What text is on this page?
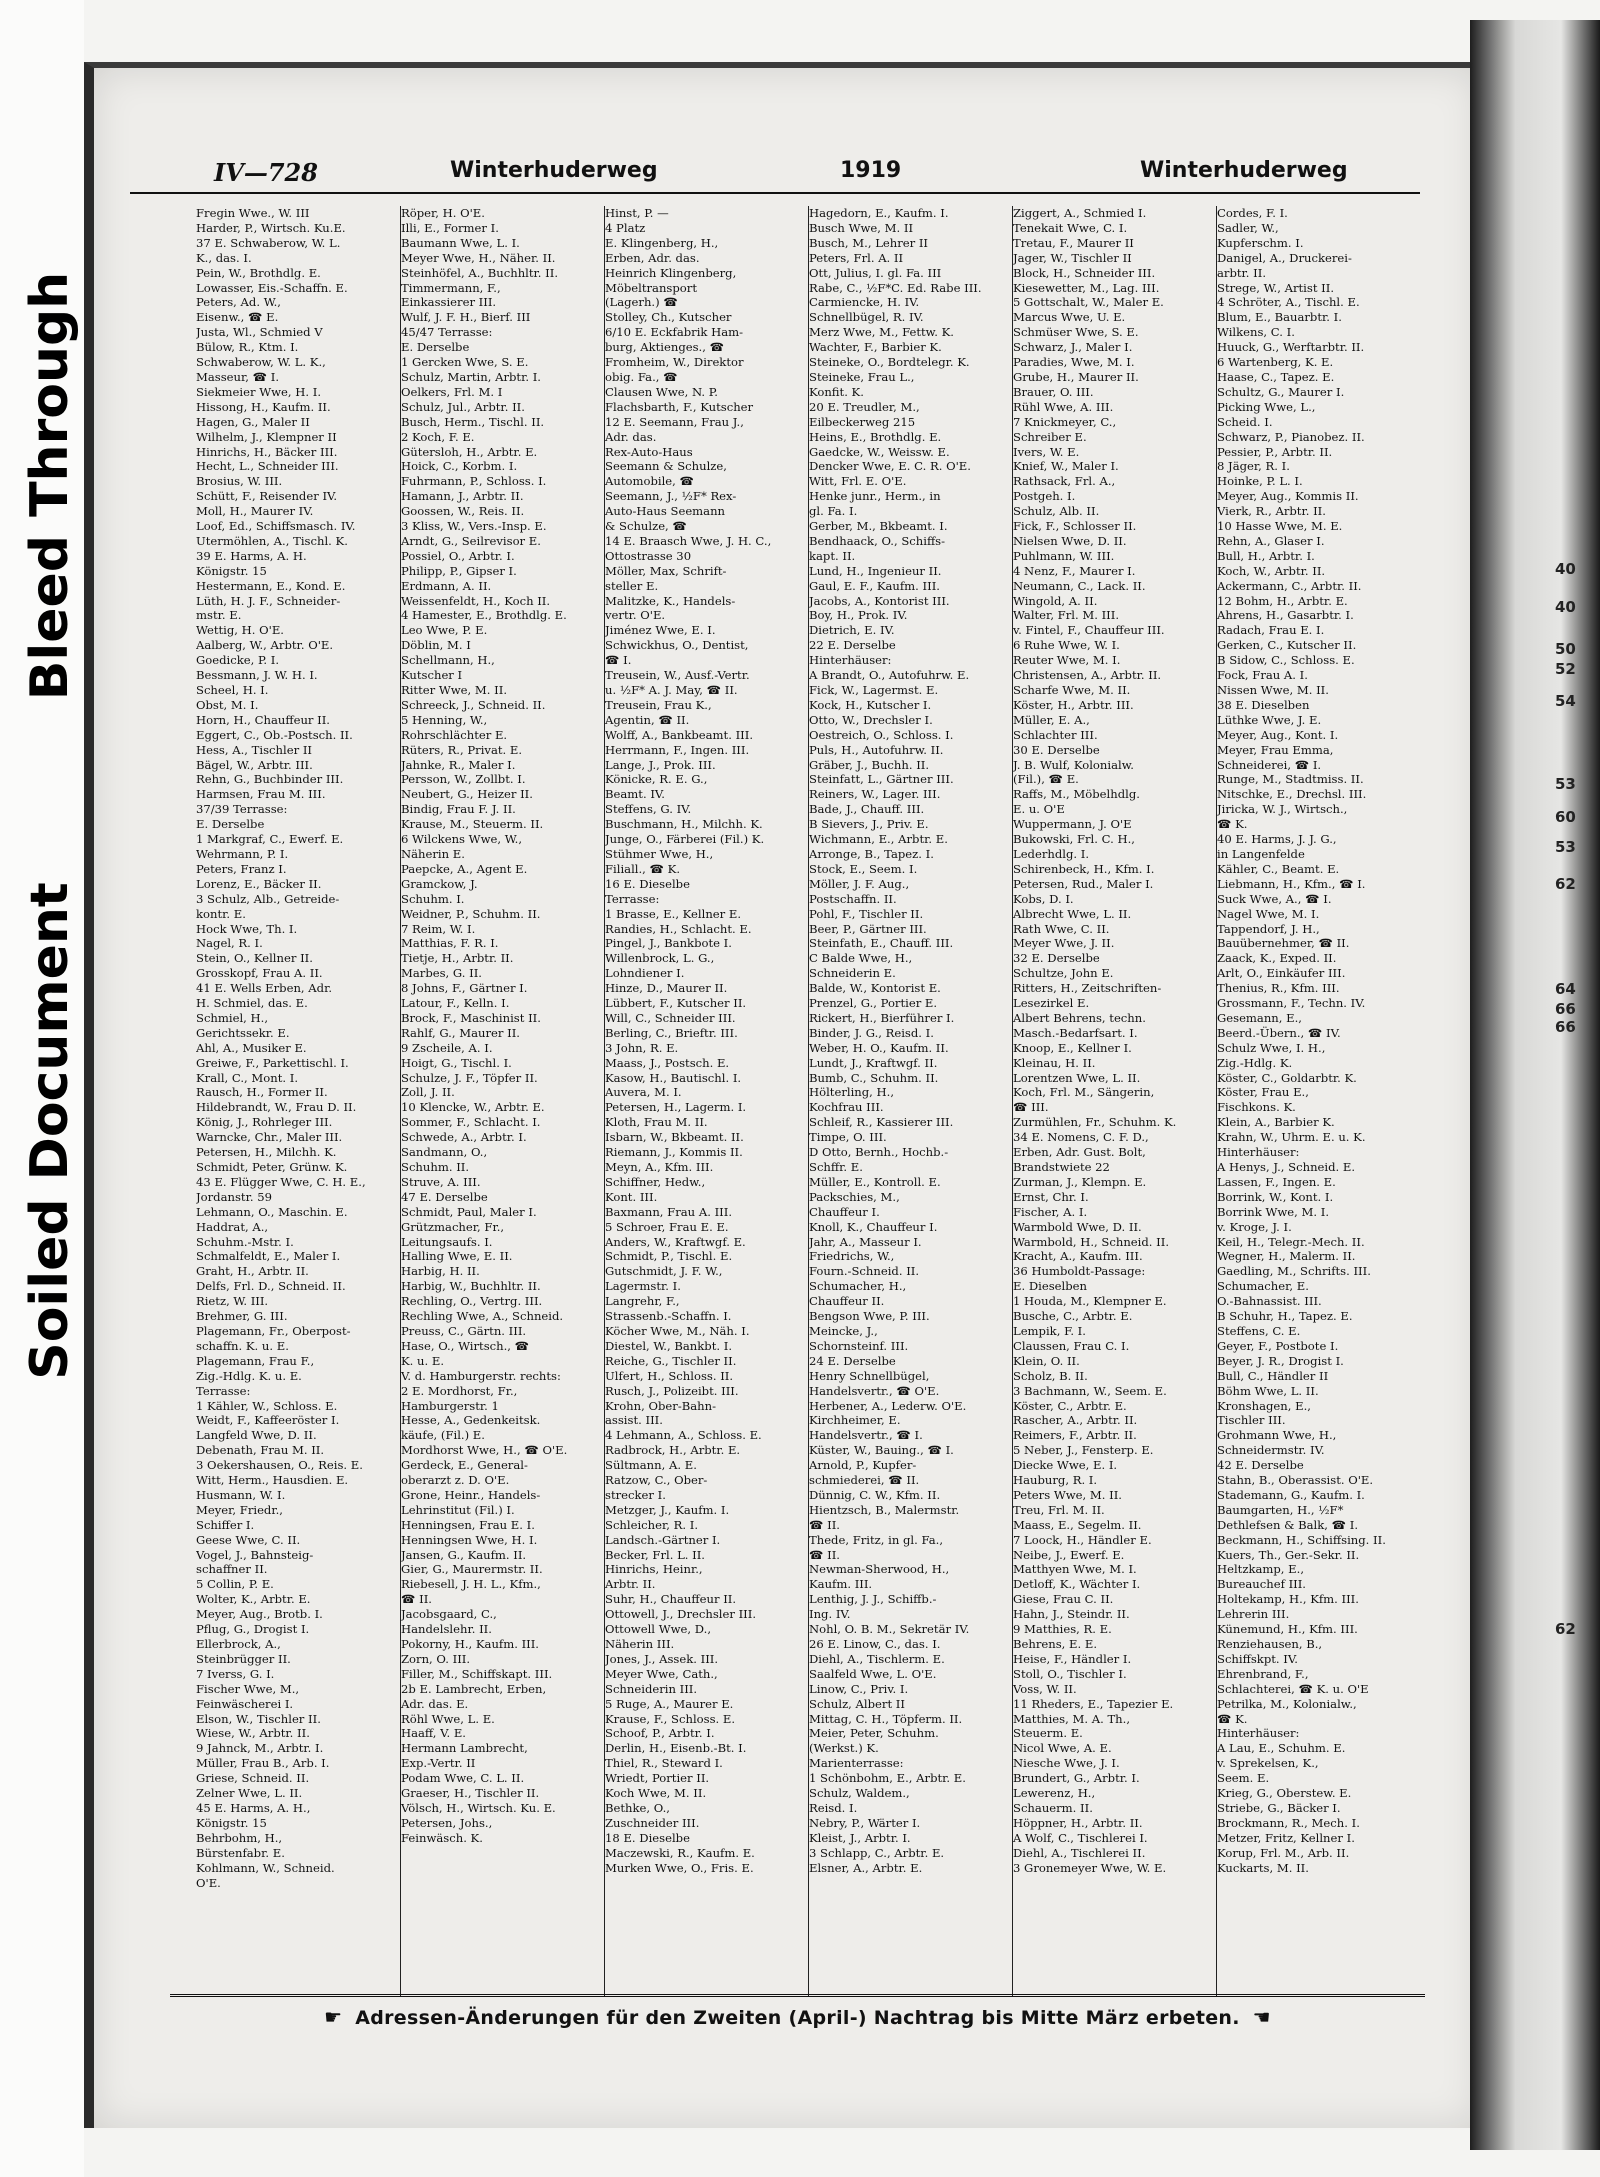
Bleed Through
Soiled Document
40
40
50
52
54
53
60
53
62
64
66
66
62
IV—728	Winterhuderweg	1919	Winterhuderweg
Fregin Wwe., W. III
Harder, P., Wirtsch. Ku.E.
37 E. Schwaberow, W. L.
K., das. I.
Pein, W., Brothdlg. E.
Lowasser, Eis.-Schaffn. E.
Peters, Ad. W.,
Eisenw., ☎ E.
Justa, Wl., Schmied V
Bülow, R., Ktm. I.
Schwaberow, W. L. K.,
Masseur, ☎ I.
Siekmeier Wwe, H. I.
Hissong, H., Kaufm. II.
Hagen, G., Maler II
Wilhelm, J., Klempner II
Hinrichs, H., Bäcker III.
Hecht, L., Schneider III.
Brosius, W. III.
Schütt, F., Reisender IV.
Moll, H., Maurer IV.
Loof, Ed., Schiffsmasch. IV.
Utermöhlen, A., Tischl. K.
39 E. Harms, A. H.
Königstr. 15
Hestermann, E., Kond. E.
Lüth, H. J. F., Schneider-
mstr. E.
Wettig, H. O'E.
Aalberg, W., Arbtr. O'E.
Goedicke, P. I.
Bessmann, J. W. H. I.
Scheel, H. I.
Obst, M. I.
Horn, H., Chauffeur II.
Eggert, C., Ob.-Postsch. II.
Hess, A., Tischler II
Bägel, W., Arbtr. III.
Rehn, G., Buchbinder III.
Harmsen, Frau M. III.
37/39 Terrasse:
E. Derselbe
1 Markgraf, C., Ewerf. E.
Wehrmann, P. I.
Peters, Franz I.
Lorenz, E., Bäcker II.
3 Schulz, Alb., Getreide-
kontr. E.
Hock Wwe, Th. I.
Nagel, R. I.
Stein, O., Kellner II.
Grosskopf, Frau A. II.
41 E. Wells Erben, Adr.
H. Schmiel, das. E.
Schmiel, H.,
Gerichtssekr. E.
Ahl, A., Musiker E.
Greiwe, F., Parkettischl. I.
Krall, C., Mont. I.
Rausch, H., Former II.
Hildebrandt, W., Frau D. II.
König, J., Rohrleger III.
Warncke, Chr., Maler III.
Petersen, H., Milchh. K.
Schmidt, Peter, Grünw. K.
43 E. Flügger Wwe, C. H. E.,
Jordanstr. 59
Lehmann, O., Maschin. E.
Haddrat, A.,
Schuhm.-Mstr. I.
Schmalfeldt, E., Maler I.
Graht, H., Arbtr. II.
Delfs, Frl. D., Schneid. II.
Rietz, W. III.
Brehmer, G. III.
Plagemann, Fr., Oberpost-
schaffn. K. u. E.
Plagemann, Frau F.,
Zig.-Hdlg. K. u. E.
Terrasse:
1 Kähler, W., Schloss. E.
Weidt, F., Kaffeeröster I.
Langfeld Wwe, D. II.
Debenath, Frau M. II.
3 Oekershausen, O., Reis. E.
Witt, Herm., Hausdien. E.
Husmann, W. I.
Meyer, Friedr.,
Schiffer I.
Geese Wwe, C. II.
Vogel, J., Bahnsteig-
schaffner II.
5 Collin, P. E.
Wolter, K., Arbtr. E.
Meyer, Aug., Brotb. I.
Pflug, G., Drogist I.
Ellerbrock, A.,
Steinbrügger II.
7 Iverss, G. I.
Fischer Wwe, M.,
Feinwäscherei I.
Elson, W., Tischler II.
Wiese, W., Arbtr. II.
9 Jahnck, M., Arbtr. I.
Müller, Frau B., Arb. I.
Griese, Schneid. II.
Zelner Wwe, L. II.
45 E. Harms, A. H.,
Königstr. 15
Behrbohm, H.,
Bürstenfabr. E.
Kohlmann, W., Schneid.
O'E.
Röper, H. O'E.
Illi, E., Former I.
Baumann Wwe, L. I.
Meyer Wwe, H., Näher. II.
Steinhöfel, A., Buchhltr. II.
Timmermann, F.,
Einkassierer III.
Wulf, J. F. H., Bierf. III
45/47 Terrasse:
E. Derselbe
1 Gercken Wwe, S. E.
Schulz, Martin, Arbtr. I.
Oelkers, Frl. M. I
Schulz, Jul., Arbtr. II.
Busch, Herm., Tischl. II.
2 Koch, F. E.
Gütersloh, H., Arbtr. E.
Hoick, C., Korbm. I.
Fuhrmann, P., Schloss. I.
Hamann, J., Arbtr. II.
Goossen, W., Reis. II.
3 Kliss, W., Vers.-Insp. E.
Arndt, G., Seilrevisor E.
Possiel, O., Arbtr. I.
Philipp, P., Gipser I.
Erdmann, A. II.
Weissenfeldt, H., Koch II.
4 Hamester, E., Brothdlg. E.
Leo Wwe, P. E.
Döblin, M. I
Schellmann, H.,
Kutscher I
Ritter Wwe, M. II.
Schreeck, J., Schneid. II.
5 Henning, W.,
Rohrschlächter E.
Rüters, R., Privat. E.
Jahnke, R., Maler I.
Persson, W., Zollbt. I.
Neubert, G., Heizer II.
Bindig, Frau F. J. II.
Krause, M., Steuerm. II.
6 Wilckens Wwe, W.,
Näherin E.
Paepcke, A., Agent E.
Gramckow, J.
Schuhm. I.
Weidner, P., Schuhm. II.
7 Reim, W. I.
Matthias, F. R. I.
Tietje, H., Arbtr. II.
Marbes, G. II.
8 Johns, F., Gärtner I.
Latour, F., Kelln. I.
Brock, F., Maschinist II.
Rahlf, G., Maurer II.
9 Zscheile, A. I.
Hoigt, G., Tischl. I.
Schulze, J. F., Töpfer II.
Zoll, J. II.
10 Klencke, W., Arbtr. E.
Sommer, F., Schlacht. I.
Schwede, A., Arbtr. I.
Sandmann, O.,
Schuhm. II.
Struve, A. III.
47 E. Derselbe
Schmidt, Paul, Maler I.
Grützmacher, Fr.,
Leitungsaufs. I.
Halling Wwe, E. II.
Harbig, H. II.
Harbig, W., Buchhltr. II.
Rechling, O., Vertrg. III.
Rechling Wwe, A., Schneid.
Preuss, C., Gärtn. III.
Hase, O., Wirtsch., ☎
K. u. E.
V. d. Hamburgerstr. rechts:
2 E. Mordhorst, Fr.,
Hamburgerstr. 1
Hesse, A., Gedenkeitsk.
käufe, (Fil.) E.
Mordhorst Wwe, H., ☎ O'E.
Gerdeck, E., General-
oberarzt z. D. O'E.
Grone, Heinr., Handels-
Lehrinstitut (Fil.) I.
Henningsen, Frau E. I.
Henningsen Wwe, H. I.
Jansen, G., Kaufm. II.
Gier, G., Maurermstr. II.
Riebesell, J. H. L., Kfm.,
☎ II.
Jacobsgaard, C.,
Handelslehr. II.
Pokorny, H., Kaufm. III.
Zorn, O. III.
Filler, M., Schiffskapt. III.
2b E. Lambrecht, Erben,
Adr. das. E.
Röhl Wwe, L. E.
Haaff, V. E.
Hermann Lambrecht,
Exp.-Vertr. II
Podam Wwe, C. L. II.
Graeser, H., Tischler II.
Völsch, H., Wirtsch. Ku. E.
Petersen, Johs.,
Feinwäsch. K.
Hinst, P. —
4 Platz
E. Klingenberg, H.,
Erben, Adr. das.
Heinrich Klingenberg,
Möbeltransport
(Lagerh.) ☎
Stolley, Ch., Kutscher
6/10 E. Eckfabrik Ham-
burg, Aktienges., ☎
Fromheim, W., Direktor
obig. Fa., ☎
Clausen Wwe, N. P.
Flachsbarth, F., Kutscher
12 E. Seemann, Frau J.,
Adr. das.
Rex-Auto-Haus
Seemann & Schulze,
Automobile, ☎
Seemann, J., ½F* Rex-
Auto-Haus Seemann
& Schulze, ☎
14 E. Braasch Wwe, J. H. C.,
Ottostrasse 30
Möller, Max, Schrift-
steller E.
Malitzke, K., Handels-
vertr. O'E.
Jiménez Wwe, E. I.
Schwickhus, O., Dentist,
☎ I.
Treusein, W., Ausf.-Vertr.
u. ½F* A. J. May, ☎ II.
Treusein, Frau K.,
Agentin, ☎ II.
Wolff, A., Bankbeamt. III.
Herrmann, F., Ingen. III.
Lange, J., Prok. III.
Könicke, R. E. G.,
Beamt. IV.
Steffens, G. IV.
Buschmann, H., Milchh. K.
Junge, O., Färberei (Fil.) K.
Stühmer Wwe, H.,
Filiall., ☎ K.
16 E. Dieselbe
Terrasse:
1 Brasse, E., Kellner E.
Randies, H., Schlacht. E.
Pingel, J., Bankbote I.
Willenbrock, L. G.,
Lohndiener I.
Hinze, D., Maurer II.
Lübbert, F., Kutscher II.
Will, C., Schneider III.
Berling, C., Brieftr. III.
3 John, R. E.
Maass, J., Postsch. E.
Kasow, H., Bautischl. I.
Auvera, M. I.
Petersen, H., Lagerm. I.
Kloth, Frau M. II.
Isbarn, W., Bkbeamt. II.
Riemann, J., Kommis II.
Meyn, A., Kfm. III.
Schiffner, Hedw.,
Kont. III.
Baxmann, Frau A. III.
5 Schroer, Frau E. E.
Anders, W., Kraftwgf. E.
Schmidt, P., Tischl. E.
Gutschmidt, J. F. W.,
Lagermstr. I.
Langrehr, F.,
Strassenb.-Schaffn. I.
Köcher Wwe, M., Näh. I.
Diestel, W., Bankbt. I.
Reiche, G., Tischler II.
Ulfert, H., Schloss. II.
Rusch, J., Polizeibt. III.
Krohn, Ober-Bahn-
assist. III.
4 Lehmann, A., Schloss. E.
Radbrock, H., Arbtr. E.
Sültmann, A. E.
Ratzow, C., Ober-
strecker I.
Metzger, J., Kaufm. I.
Schleicher, R. I.
Landsch.-Gärtner I.
Becker, Frl. L. II.
Hinrichs, Heinr.,
Arbtr. II.
Suhr, H., Chauffeur II.
Ottowell, J., Drechsler III.
Ottowell Wwe, D.,
Näherin III.
Jones, J., Assek. III.
Meyer Wwe, Cath.,
Schneiderin III.
5 Ruge, A., Maurer E.
Krause, F., Schloss. E.
Schoof, P., Arbtr. I.
Derlin, H., Eisenb.-Bt. I.
Thiel, R., Steward I.
Wriedt, Portier II.
Koch Wwe, M. II.
Bethke, O.,
Zuschneider III.
18 E. Dieselbe
Maczewski, R., Kaufm. E.
Murken Wwe, O., Fris. E.
Hagedorn, E., Kaufm. I.
Busch Wwe, M. II
Busch, M., Lehrer II
Peters, Frl. A. II
Ott, Julius, I. gl. Fa. III
Rabe, C., ½F*C. Ed. Rabe III.
Carmiencke, H. IV.
Schnellbügel, R. IV.
Merz Wwe, M., Fettw. K.
Wachter, F., Barbier K.
Steineke, O., Bordtelegr. K.
Steineke, Frau L.,
Konfit. K.
20 E. Treudler, M.,
Eilbeckerweg 215
Heins, E., Brothdlg. E.
Gaedcke, W., Weissw. E.
Dencker Wwe, E. C. R. O'E.
Witt, Frl. E. O'E.
Henke junr., Herm., in
gl. Fa. I.
Gerber, M., Bkbeamt. I.
Bendhaack, O., Schiffs-
kapt. II.
Lund, H., Ingenieur II.
Gaul, E. F., Kaufm. III.
Jacobs, A., Kontorist III.
Boy, H., Prok. IV.
Dietrich, E. IV.
22 E. Derselbe
Hinterhäuser:
A Brandt, O., Autofuhrw. E.
Fick, W., Lagermst. E.
Kock, H., Kutscher I.
Otto, W., Drechsler I.
Oestreich, O., Schloss. I.
Puls, H., Autofuhrw. II.
Gräber, J., Buchh. II.
Steinfatt, L., Gärtner III.
Reiners, W., Lager. III.
Bade, J., Chauff. III.
B Sievers, J., Priv. E.
Wichmann, E., Arbtr. E.
Arronge, B., Tapez. I.
Stock, E., Seem. I.
Möller, J. F. Aug.,
Postschaffn. II.
Pohl, F., Tischler II.
Beer, P., Gärtner III.
Steinfath, E., Chauff. III.
C Balde Wwe, H.,
Schneiderin E.
Balde, W., Kontorist E.
Prenzel, G., Portier E.
Rickert, H., Bierführer I.
Binder, J. G., Reisd. I.
Weber, H. O., Kaufm. II.
Lundt, J., Kraftwgf. II.
Bumb, C., Schuhm. II.
Hölterling, H.,
Kochfrau III.
Schleif, R., Kassierer III.
Timpe, O. III.
D Otto, Bernh., Hochb.-
Schffr. E.
Müller, E., Kontroll. E.
Packschies, M.,
Chauffeur I.
Knoll, K., Chauffeur I.
Jahr, A., Masseur I.
Friedrichs, W.,
Fourn.-Schneid. II.
Schumacher, H.,
Chauffeur II.
Bengson Wwe, P. III.
Meincke, J.,
Schornsteinf. III.
24 E. Derselbe
Henry Schnellbügel,
Handelsvertr., ☎ O'E.
Herbener, A., Lederw. O'E.
Kirchheimer, E.
Handelsvertr., ☎ I.
Küster, W., Bauing., ☎ I.
Arnold, P., Kupfer-
schmiederei, ☎ II.
Dünnig, C. W., Kfm. II.
Hientzsch, B., Malermstr.
☎ II.
Thede, Fritz, in gl. Fa.,
☎ II.
Newman-Sherwood, H.,
Kaufm. III.
Lenthig, J. J., Schiffb.-
Ing. IV.
Nohl, O. B. M., Sekretär IV.
26 E. Linow, C., das. I.
Diehl, A., Tischlerm. E.
Saalfeld Wwe, L. O'E.
Linow, C., Priv. I.
Schulz, Albert II
Mittag, C. H., Töpferm. II.
Meier, Peter, Schuhm.
(Werkst.) K.
Marienterrasse:
1 Schönbohm, E., Arbtr. E.
Schulz, Waldem.,
Reisd. I.
Nebry, P., Wärter I.
Kleist, J., Arbtr. I.
3 Schlapp, C., Arbtr. E.
Elsner, A., Arbtr. E.
Ziggert, A., Schmied I.
Tenekait Wwe, C. I.
Tretau, F., Maurer II
Jager, W., Tischler II
Block, H., Schneider III.
Kiesewetter, M., Lag. III.
5 Gottschalt, W., Maler E.
Marcus Wwe, U. E.
Schmüser Wwe, S. E.
Schwarz, J., Maler I.
Paradies, Wwe, M. I.
Grube, H., Maurer II.
Brauer, O. III.
Rühl Wwe, A. III.
7 Knickmeyer, C.,
Schreiber E.
Ivers, W. E.
Knief, W., Maler I.
Rathsack, Frl. A.,
Postgeh. I.
Schulz, Alb. II.
Fick, F., Schlosser II.
Nielsen Wwe, D. II.
Puhlmann, W. III.
4 Nenz, F., Maurer I.
Neumann, C., Lack. II.
Wingold, A. II.
Walter, Frl. M. III.
v. Fintel, F., Chauffeur III.
6 Ruhe Wwe, W. I.
Reuter Wwe, M. I.
Christensen, A., Arbtr. II.
Scharfe Wwe, M. II.
Köster, H., Arbtr. III.
Müller, E. A.,
Schlachter III.
30 E. Derselbe
J. B. Wulf, Kolonialw.
(Fil.), ☎ E.
Raffs, M., Möbelhdlg.
E. u. O'E
Wuppermann, J. O'E
Bukowski, Frl. C. H.,
Lederhdlg. I.
Schirenbeck, H., Kfm. I.
Petersen, Rud., Maler I.
Kobs, D. I.
Albrecht Wwe, L. II.
Rath Wwe, C. II.
Meyer Wwe, J. II.
32 E. Derselbe
Schultze, John E.
Ritters, H., Zeitschriften-
Lesezirkel E.
Albert Behrens, techn.
Masch.-Bedarfsart. I.
Knoop, E., Kellner I.
Kleinau, H. II.
Lorentzen Wwe, L. II.
Koch, Frl. M., Sängerin,
☎ III.
Zurmühlen, Fr., Schuhm. K.
34 E. Nomens, C. F. D.,
Erben, Adr. Gust. Bolt,
Brandstwiete 22
Zurman, J., Klempn. E.
Ernst, Chr. I.
Fischer, A. I.
Warmbold Wwe, D. II.
Warmbold, H., Schneid. II.
Kracht, A., Kaufm. III.
36 Humboldt-Passage:
E. Dieselben
1 Houda, M., Klempner E.
Busche, C., Arbtr. E.
Lempik, F. I.
Claussen, Frau C. I.
Klein, O. II.
Scholz, B. II.
3 Bachmann, W., Seem. E.
Köster, C., Arbtr. E.
Rascher, A., Arbtr. II.
Reimers, F., Arbtr. II.
5 Neber, J., Fensterp. E.
Diecke Wwe, E. I.
Hauburg, R. I.
Peters Wwe, M. II.
Treu, Frl. M. II.
Maass, E., Segelm. II.
7 Loock, H., Händler E.
Neibe, J., Ewerf. E.
Matthyen Wwe, M. I.
Detloff, K., Wächter I.
Giese, Frau C. II.
Hahn, J., Steindr. II.
9 Matthies, R. E.
Behrens, E. E.
Heise, F., Händler I.
Stoll, O., Tischler I.
Voss, W. II.
11 Rheders, E., Tapezier E.
Matthies, M. A. Th.,
Steuerm. E.
Nicol Wwe, A. E.
Niesche Wwe, J. I.
Brundert, G., Arbtr. I.
Lewerenz, H.,
Schauerm. II.
Höppner, H., Arbtr. II.
A Wolf, C., Tischlerei I.
Diehl, A., Tischlerei II.
3 Gronemeyer Wwe, W. E.
Cordes, F. I.
Sadler, W.,
Kupferschm. I.
Danigel, A., Druckerei-
arbtr. II.
Strege, W., Artist II.
4 Schröter, A., Tischl. E.
Blum, E., Bauarbtr. I.
Wilkens, C. I.
Huuck, G., Werftarbtr. II.
6 Wartenberg, K. E.
Haase, C., Tapez. E.
Schultz, G., Maurer I.
Picking Wwe, L.,
Scheid. I.
Schwarz, P., Pianobez. II.
Pessier, P., Arbtr. II.
8 Jäger, R. I.
Hoinke, P. L. I.
Meyer, Aug., Kommis II.
Vierk, R., Arbtr. II.
10 Hasse Wwe, M. E.
Rehn, A., Glaser I.
Bull, H., Arbtr. I.
Koch, W., Arbtr. II.
Ackermann, C., Arbtr. II.
12 Bohm, H., Arbtr. E.
Ahrens, H., Gasarbtr. I.
Radach, Frau E. I.
Gerken, C., Kutscher II.
B Sidow, C., Schloss. E.
Fock, Frau A. I.
Nissen Wwe, M. II.
38 E. Dieselben
Lüthke Wwe, J. E.
Meyer, Aug., Kont. I.
Meyer, Frau Emma,
Schneiderei, ☎ I.
Runge, M., Stadtmiss. II.
Nitschke, E., Drechsl. III.
Jiricka, W. J., Wirtsch.,
☎ K.
40 E. Harms, J. J. G.,
in Langenfelde
Kähler, C., Beamt. E.
Liebmann, H., Kfm., ☎ I.
Suck Wwe, A., ☎ I.
Nagel Wwe, M. I.
Tappendorf, J. H.,
Bauübernehmer, ☎ II.
Zaack, K., Exped. II.
Arlt, O., Einkäufer III.
Thenius, R., Kfm. III.
Grossmann, F., Techn. IV.
Gesemann, E.,
Beerd.-Übern., ☎ IV.
Schulz Wwe, I. H.,
Zig.-Hdlg. K.
Köster, C., Goldarbtr. K.
Köster, Frau E.,
Fischkons. K.
Klein, A., Barbier K.
Krahn, W., Uhrm. E. u. K.
Hinterhäuser:
A Henys, J., Schneid. E.
Lassen, F., Ingen. E.
Borrink, W., Kont. I.
Borrink Wwe, M. I.
v. Kroge, J. I.
Keil, H., Telegr.-Mech. II.
Wegner, H., Malerm. II.
Gaedling, M., Schrifts. III.
Schumacher, E.
O.-Bahnassist. III.
B Schuhr, H., Tapez. E.
Steffens, C. E.
Geyer, F., Postbote I.
Beyer, J. R., Drogist I.
Bull, C., Händler II
Böhm Wwe, L. II.
Kronshagen, E.,
Tischler III.
Grohmann Wwe, H.,
Schneidermstr. IV.
42 E. Derselbe
Stahn, B., Oberassist. O'E.
Stademann, G., Kaufm. I.
Baumgarten, H., ½F*
Dethlefsen & Balk, ☎ I.
Beckmann, H., Schiffsing. II.
Kuers, Th., Ger.-Sekr. II.
Heltzkamp, E.,
Bureauchef III.
Holtekamp, H., Kfm. III.
Lehrerin III.
Künemund, H., Kfm. III.
Renziehausen, B.,
Schiffskpt. IV.
Ehrenbrand, F.,
Schlachterei, ☎ K. u. O'E
Petrilka, M., Kolonialw.,
☎ K.
Hinterhäuser:
A Lau, E., Schuhm. E.
v. Sprekelsen, K.,
Seem. E.
Krieg, G., Oberstew. E.
Striebe, G., Bäcker I.
Brockmann, R., Mech. I.
Metzer, Fritz, Kellner I.
Korup, Frl. M., Arb. II.
Kuckarts, M. II.
☛ Adressen-Änderungen für den Zweiten (April-) Nachtrag bis Mitte März erbeten. ☚
